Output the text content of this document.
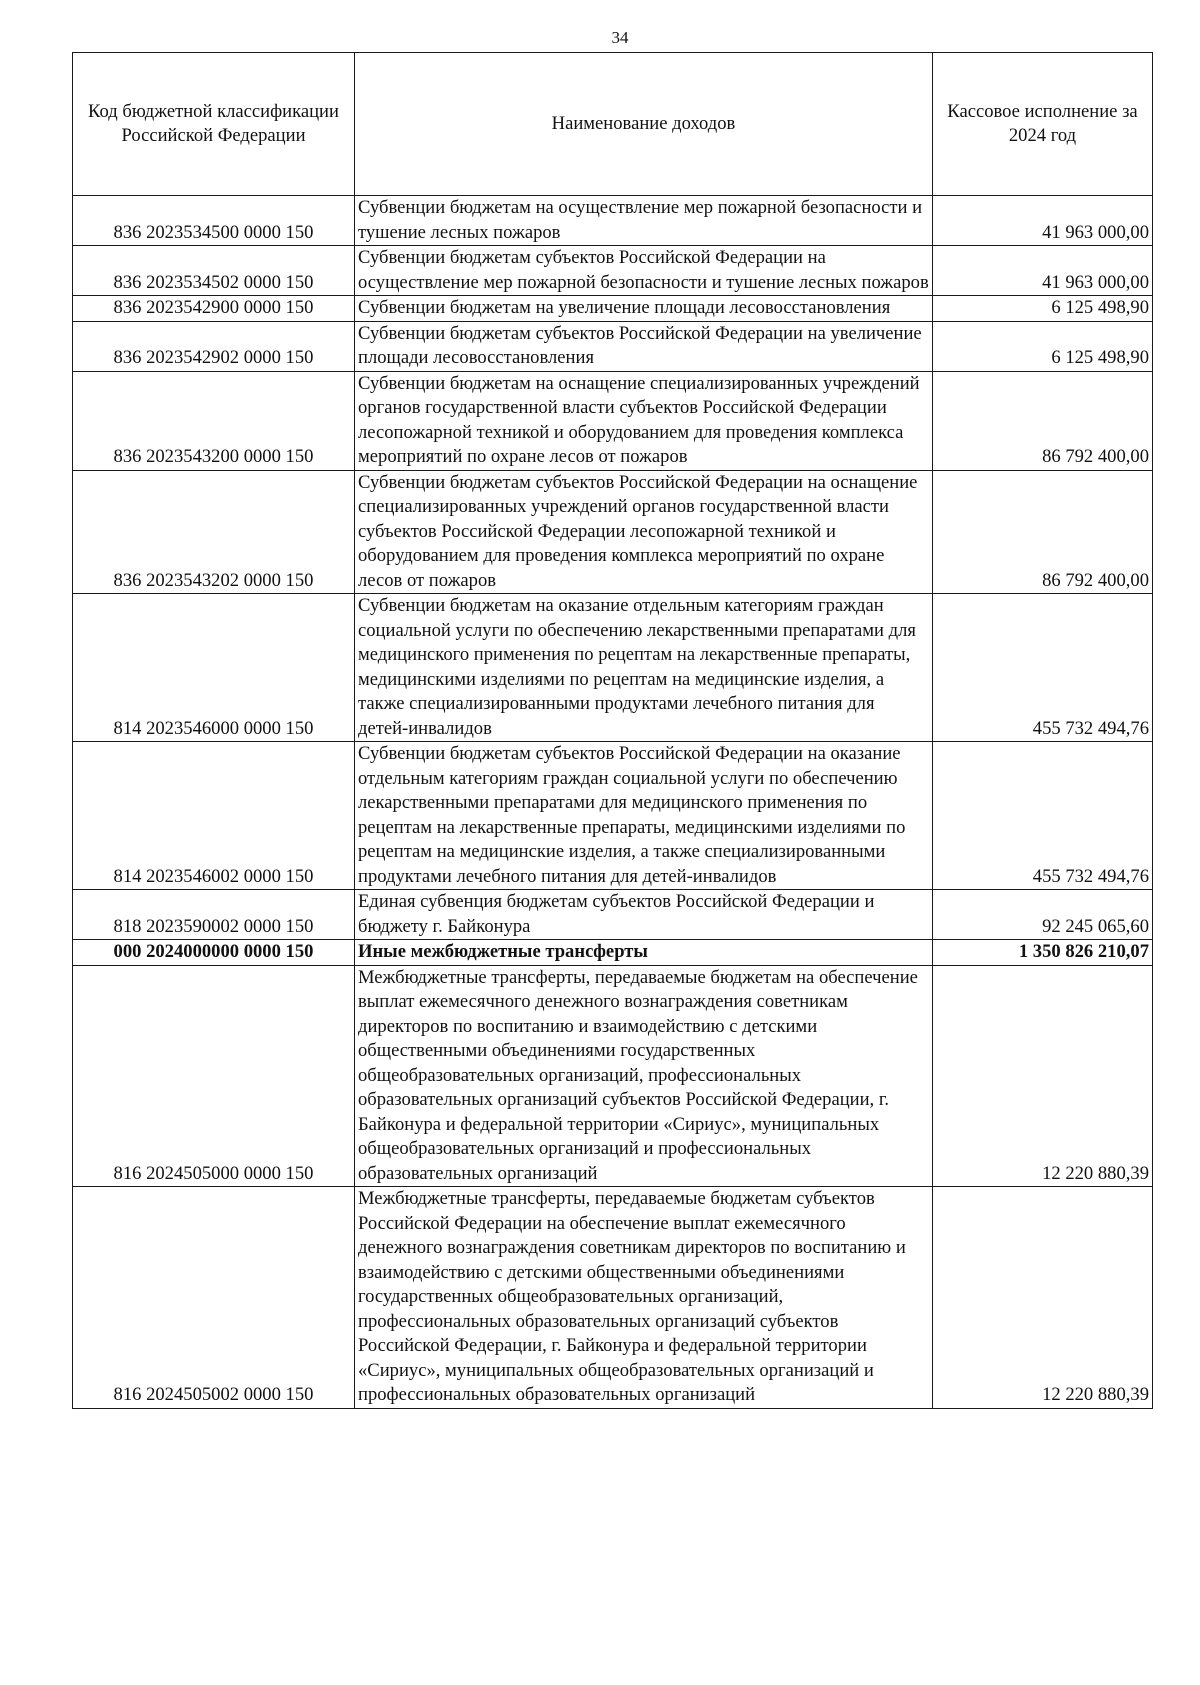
34
Код бюджетной классификации Российской Федерации	Наименование доходов	Кассовое исполнение за 2024 год
836 2023534500 0000 150	Субвенции бюджетам на осуществление мер пожарной безопасности и тушение лесных пожаров	41 963 000,00
836 2023534502 0000 150	Субвенции бюджетам субъектов Российской Федерации на осуществление мер пожарной безопасности и тушение лесных пожаров	41 963 000,00
836 2023542900 0000 150	Субвенции бюджетам на увеличение площади лесовосстановления	6 125 498,90
836 2023542902 0000 150	Субвенции бюджетам субъектов Российской Федерации на увеличение площади лесовосстановления	6 125 498,90
836 2023543200 0000 150	Субвенции бюджетам на оснащение специализированных учреждений органов государственной власти субъектов Российской Федерации лесопожарной техникой и оборудованием для проведения комплекса мероприятий по охране лесов от пожаров	86 792 400,00
836 2023543202 0000 150	Субвенции бюджетам субъектов Российской Федерации на оснащение специализированных учреждений органов государственной власти субъектов Российской Федерации лесопожарной техникой и оборудованием для проведения комплекса мероприятий по охране лесов от пожаров	86 792 400,00
814 2023546000 0000 150	Субвенции бюджетам на оказание отдельным категориям граждан социальной услуги по обеспечению лекарственными препаратами для медицинского применения по рецептам на лекарственные препараты, медицинскими изделиями по рецептам на медицинские изделия, а также специализированными продуктами лечебного питания для детей-инвалидов	455 732 494,76
814 2023546002 0000 150	Субвенции бюджетам субъектов Российской Федерации на оказание отдельным категориям граждан социальной услуги по обеспечению лекарственными препаратами для медицинского применения по рецептам на лекарственные препараты, медицинскими изделиями по рецептам на медицинские изделия, а также специализированными продуктами лечебного питания для детей-инвалидов	455 732 494,76
818 2023590002 0000 150	Единая субвенция бюджетам субъектов Российской Федерации и бюджету г. Байконура	92 245 065,60
000 2024000000 0000 150	Иные межбюджетные трансферты	1 350 826 210,07
816 2024505000 0000 150	Межбюджетные трансферты, передаваемые бюджетам на обеспечение выплат ежемесячного денежного вознаграждения советникам директоров по воспитанию и взаимодействию с детскими общественными объединениями государственных общеобразовательных организаций, профессиональных образовательных организаций субъектов Российской Федерации, г. Байконура и федеральной территории «Сириус», муниципальных общеобразовательных организаций и профессиональных образовательных организаций	12 220 880,39
816 2024505002 0000 150	Межбюджетные трансферты, передаваемые бюджетам субъектов Российской Федерации на обеспечение выплат ежемесячного денежного вознаграждения советникам директоров по воспитанию и взаимодействию с детскими общественными объединениями государственных общеобразовательных организаций, профессиональных образовательных организаций субъектов Российской Федерации, г. Байконура и федеральной территории «Сириус», муниципальных общеобразовательных организаций и профессиональных образовательных организаций	12 220 880,39
